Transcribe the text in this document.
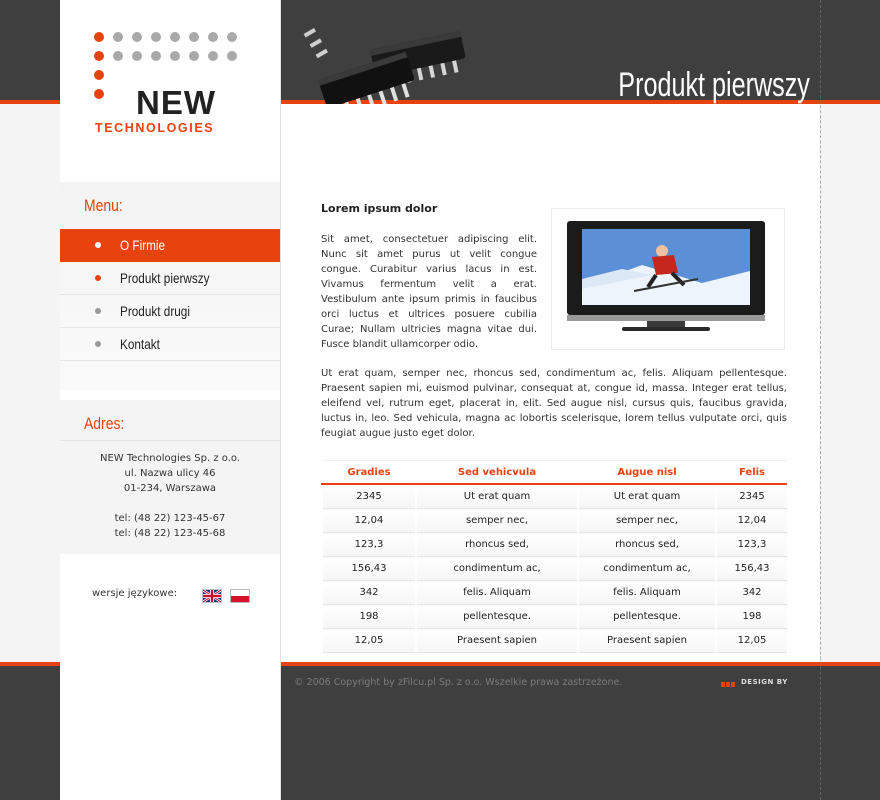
Produkt pierwszy
NEW
TECHNOLOGIES
Menu:
O Firmie
Produkt pierwszy
Produkt drugi
Kontakt
Adres:
NEW Technologies Sp. z o.o.
ul. Nazwa ulicy 46
01-234, Warszawa
tel: (48 22) 123-45-67
tel: (48 22) 123-45-68
wersje językowe:
Lorem ipsum dolor

Sit amet, consectetuer adipiscing elit. Nunc sit amet purus ut velit congue congue. Curabitur varius lacus in est. Vivamus fermentum velit a erat. Vestibulum ante ipsum primis in faucibus orci luctus et ultrices posuere cubilia Curae; Nullam ultricies magna vitae dui. Fusce blandit ullamcorper odio.

Ut erat quam, semper nec, rhoncus sed, condimentum ac, felis. Aliquam pellentesque. Praesent sapien mi, euismod pulvinar, consequat at, congue id, massa. Integer erat tellus, eleifend vel, rutrum eget, placerat in, elit. Sed augue nisl, cursus quis, faucibus gravida, luctus in, leo. Sed vehicula, magna ac lobortis scelerisque, lorem tellus vulputate orci, quis feugiat augue justo eget dolor.

Gradies	Sed vehicvula	Augue nisl	Felis
2345	Ut erat quam	Ut erat quam	2345
12,04	semper nec,	semper nec,	12,04
123,3	rhoncus sed,	rhoncus sed,	123,3
156,43	condimentum ac,	condimentum ac,	156,43
342	felis. Aliquam	felis. Aliquam	342
198	pellentesque.	pellentesque.	198
12,05	Praesent sapien	Praesent sapien	12,05
© 2006 Copyright by zFilcu.pl Sp. z o.o. Wszelkie prawa zastrzeżone.	DESIGN BY
